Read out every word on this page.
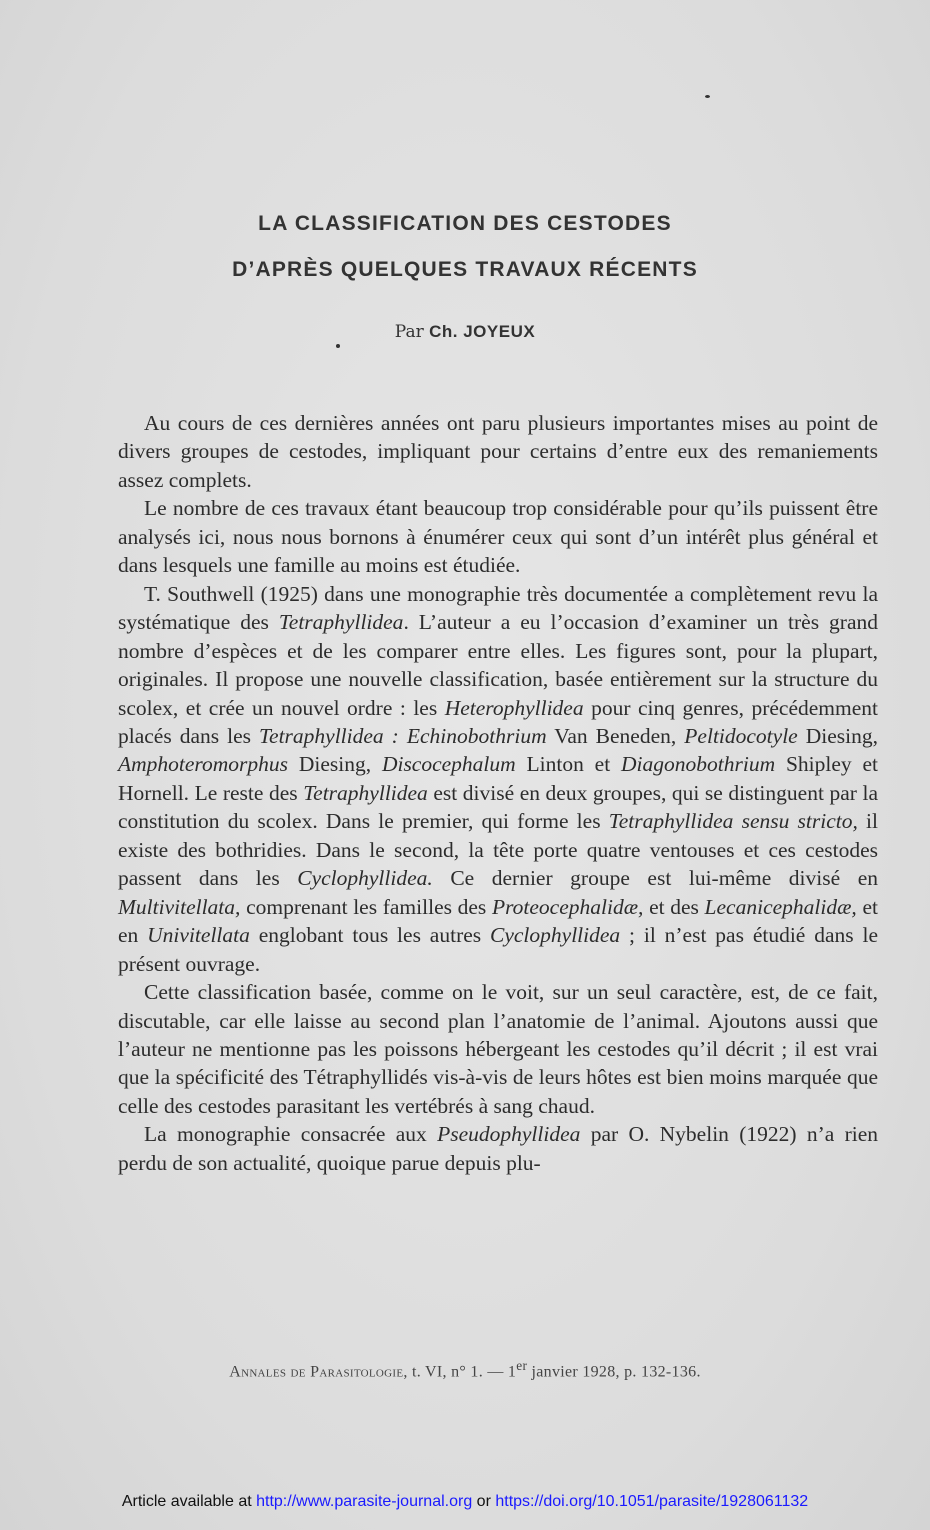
LA CLASSIFICATION DES CESTODES
D’APRÈS QUELQUES TRAVAUX RÉCENTS
Par Ch. JOYEUX

Au cours de ces dernières années ont paru plusieurs importantes mises au point de divers groupes de cestodes, impliquant pour certains d’entre eux des remaniements assez complets.

Le nombre de ces travaux étant beaucoup trop considérable pour qu’ils puissent être analysés ici, nous nous bornons à énumérer ceux qui sont d’un intérêt plus général et dans lesquels une famille au moins est étudiée.

T. Southwell (1925) dans une monographie très documentée a complètement revu la systématique des Tetraphyllidea. L’auteur a eu l’occasion d’examiner un très grand nombre d’espèces et de les comparer entre elles. Les figures sont, pour la plupart, originales. Il propose une nouvelle classification, basée entièrement sur la structure du scolex, et crée un nouvel ordre : les Heterophyllidea pour cinq genres, précédemment placés dans les Tetraphyllidea : Echinobothrium Van Beneden, Peltidocotyle Diesing, Amphoteromorphus Diesing, Discocephalum Linton et Diagonobothrium Shipley et Hornell. Le reste des Tetraphyllidea est divisé en deux groupes, qui se distinguent par la constitution du scolex. Dans le premier, qui forme les Tetraphyllidea sensu stricto, il existe des bothridies. Dans le second, la tête porte quatre ventouses et ces cestodes passent dans les Cyclophyllidea. Ce dernier groupe est lui-même divisé en Multivitellata, comprenant les familles des Proteocephalidæ, et des Lecanicephalidæ, et en Univitellata englobant tous les autres Cyclophyllidea ; il n’est pas étudié dans le présent ouvrage.

Cette classification basée, comme on le voit, sur un seul caractère, est, de ce fait, discutable, car elle laisse au second plan l’anatomie de l’animal. Ajoutons aussi que l’auteur ne mentionne pas les poissons hébergeant les cestodes qu’il décrit ; il est vrai que la spécificité des Tétraphyllidés vis-à-vis de leurs hôtes est bien moins marquée que celle des cestodes parasitant les vertébrés à sang chaud.

La monographie consacrée aux Pseudophyllidea par O. Nybelin (1922) n’a rien perdu de son actualité, quoique parue depuis plu-

Annales de Parasitologie, t. VI, n° 1. — 1er janvier 1928, p. 132-136.
Article available at http://www.parasite-journal.org or https://doi.org/10.1051/parasite/1928061132
